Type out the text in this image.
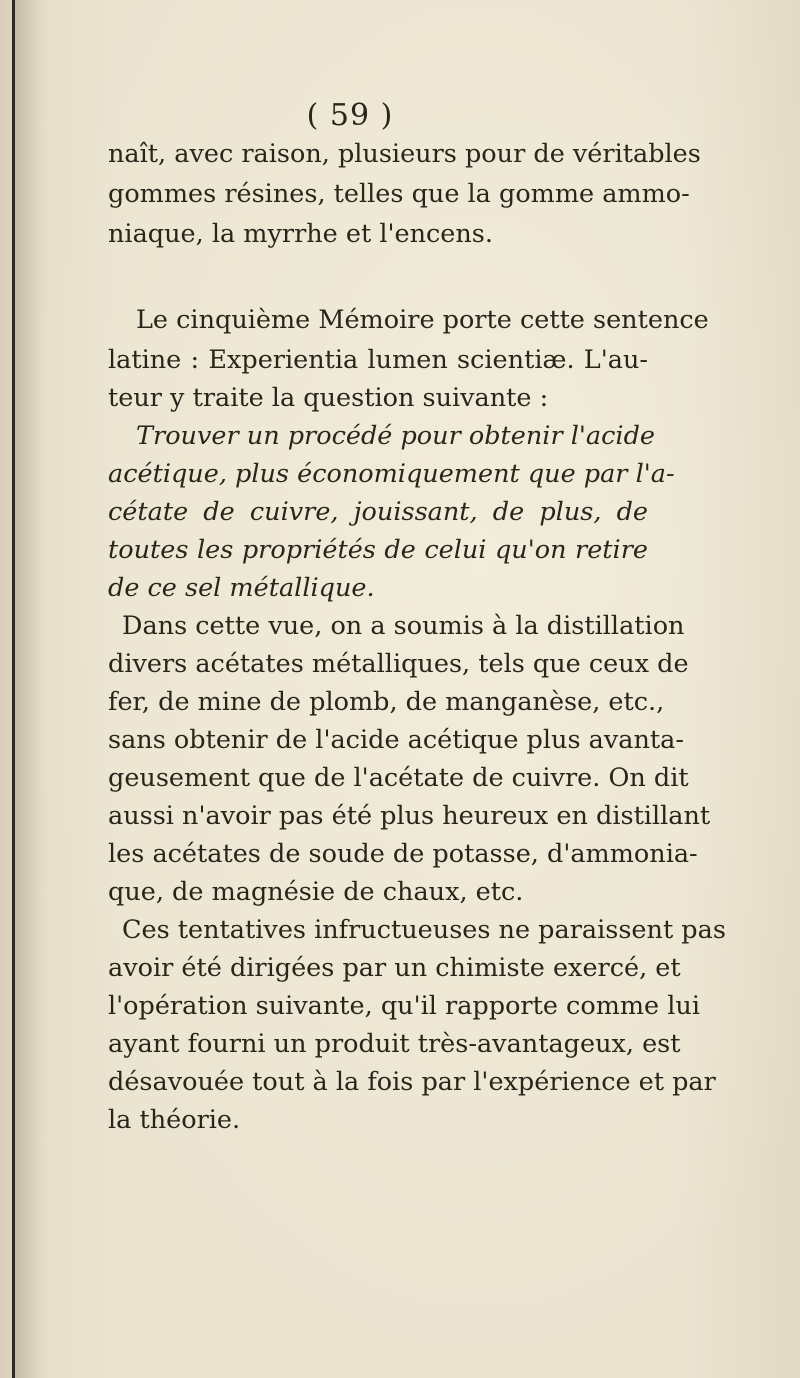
( 59 )
naît, avec raison, plusieurs pour de véritables
gommes résines, telles que la gomme ammo-
niaque, la myrrhe et l'encens.
Le cinquième Mémoire porte cette sentence
latine : Experientia lumen scientiæ. L'au-
teur y traite la question suivante :
Trouver un procédé pour obtenir l'acide
acétique, plus économiquement que par l'a-
cétate de cuivre, jouissant, de plus, de
toutes les propriétés de celui qu'on retire
de ce sel métallique.
Dans cette vue, on a soumis à la distillation
divers acétates métalliques, tels que ceux de
fer, de mine de plomb, de manganèse, etc.,
sans obtenir de l'acide acétique plus avanta-
geusement que de l'acétate de cuivre. On dit
aussi n'avoir pas été plus heureux en distillant
les acétates de soude de potasse, d'ammonia-
que, de magnésie de chaux, etc.
Ces tentatives infructueuses ne paraissent pas
avoir été dirigées par un chimiste exercé, et
l'opération suivante, qu'il rapporte comme lui
ayant fourni un produit très-avantageux, est
désavouée tout à la fois par l'expérience et par
la théorie.
